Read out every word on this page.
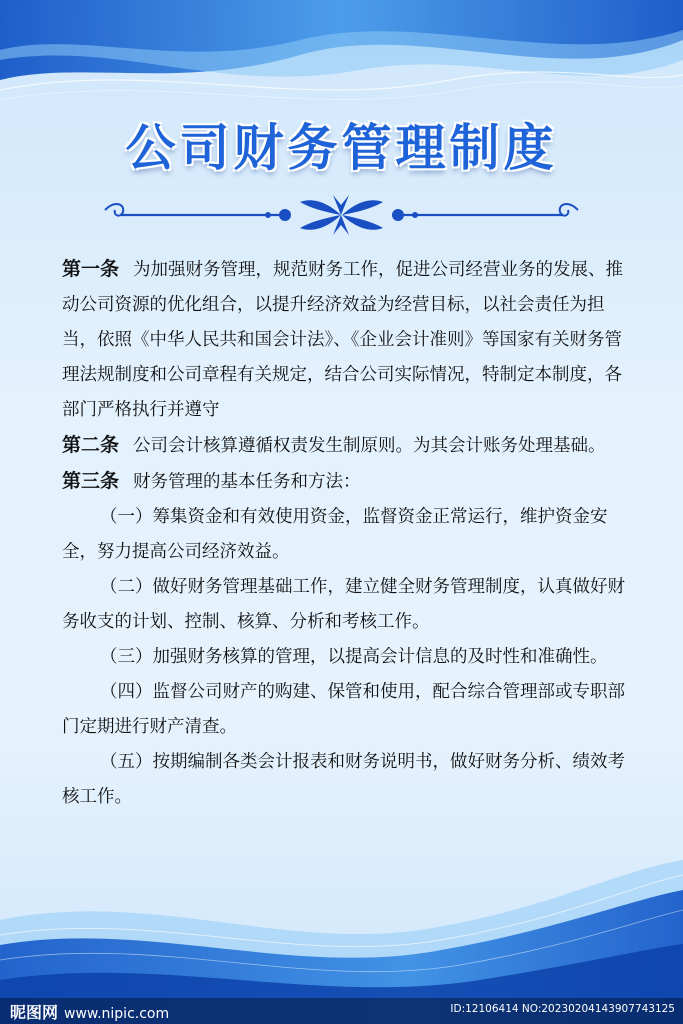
公司财务管理制度

第一条 为加强财务管理，规范财务工作，促进公司经营业务的发展、推动公司资源的优化组合，以提升经济效益为经营目标，以社会责任为担当，依照《中华人民共和国会计法》、《企业会计准则》等国家有关财务管理法规制度和公司章程有关规定，结合公司实际情况，特制定本制度，各部门严格执行并遵守

第二条 公司会计核算遵循权责发生制原则。为其会计账务处理基础。

第三条 财务管理的基本任务和方法：

（一）筹集资金和有效使用资金，监督资金正常运行，维护资金安全，努力提高公司经济效益。

（二）做好财务管理基础工作，建立健全财务管理制度，认真做好财务收支的计划、控制、核算、分析和考核工作。

（三）加强财务核算的管理，以提高会计信息的及时性和准确性。

（四）监督公司财产的购建、保管和使用，配合综合管理部或专职部门定期进行财产清查。

（五）按期编制各类会计报表和财务说明书，做好财务分析、绩效考核工作。

昵图网 www.nipic.com	ID:12106414 NO:20230204143907743125
